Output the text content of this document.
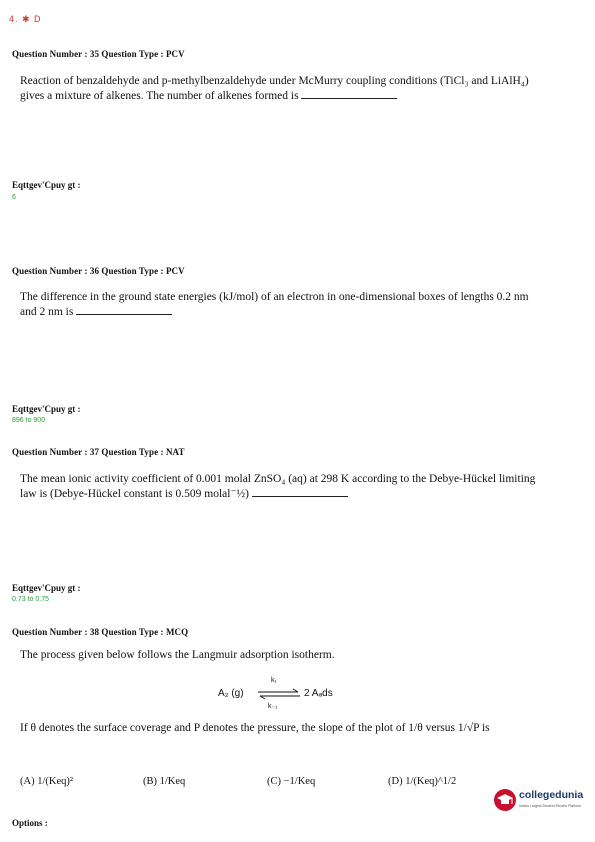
4. ✱ D
Question Number : 35 Question Type : PCV
Reaction of benzaldehyde and p-methylbenzaldehyde under McMurry coupling conditions (TiCl₃ and LiAlH₄) gives a mixture of alkenes. The number of alkenes formed is
Eqttgev'Cpuy gt :
6
Question Number : 36 Question Type : PCV
The difference in the ground state energies (kJ/mol) of an electron in one-dimensional boxes of lengths 0.2 nm and 2 nm is
Eqttgev'Cpuy gt :
896 to 900
Question Number : 37 Question Type : NAT
The mean ionic activity coefficient of 0.001 molal ZnSO₄ (aq) at 298 K according to the Debye-Hückel limiting law is (Debye-Hückel constant is 0.509 molal⁻½)
Eqttgev'Cpuy gt :
0.73 to 0.75
Question Number : 38 Question Type : MCQ
The process given below follows the Langmuir adsorption isotherm.
A₂ (g)
k₁
k₋₁
2 Aₐds
If θ denotes the surface coverage and P denotes the pressure, the slope of the plot of 1/θ versus 1/√P is
(A) 1/(Keq)²	(B) 1/Keq	(C) −1/Keq	(D) 1/(Keq)^1/2
Options :
collegedunia
India's Largest Student Review Platform
